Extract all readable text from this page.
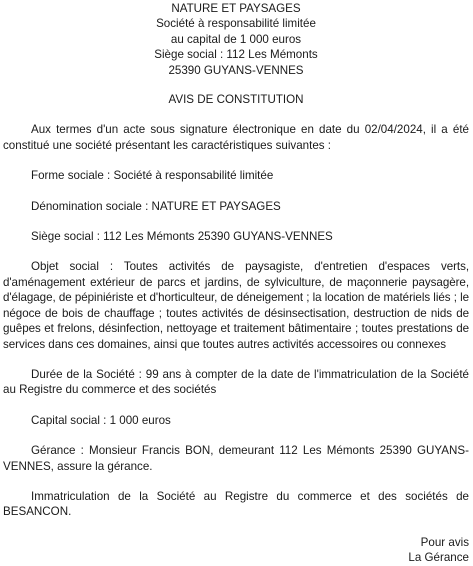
NATURE ET PAYSAGES
Société à responsabilité limitée
au capital de 1 000 euros
Siège social : 112 Les Mémonts
25390 GUYANS-VENNES
AVIS DE CONSTITUTION

Aux termes d'un acte sous signature électronique en date du 02/04/2024, il a été constitué une société présentant les caractéristiques suivantes :

Forme sociale : Société à responsabilité limitée

Dénomination sociale : NATURE ET PAYSAGES

Siège social : 112 Les Mémonts 25390 GUYANS-VENNES

Objet social : Toutes activités de paysagiste, d'entretien d'espaces verts, d'aménagement extérieur de parcs et jardins, de sylviculture, de maçonnerie paysagère, d'élagage, de pépiniériste et d'horticulteur, de déneigement ; la location de matériels liés ; le négoce de bois de chauffage ; toutes activités de désinsectisation, destruction de nids de guêpes et frelons, désinfection, nettoyage et traitement bâtimentaire ; toutes prestations de services dans ces domaines, ainsi que toutes autres activités accessoires ou connexes

Durée de la Société : 99 ans à compter de la date de l'immatriculation de la Société au Registre du commerce et des sociétés

Capital social : 1 000 euros

Gérance : Monsieur Francis BON, demeurant 112 Les Mémonts 25390 GUYANS-VENNES, assure la gérance.

Immatriculation de la Société au Registre du commerce et des sociétés de BESANCON.

Pour avis
La Gérance
